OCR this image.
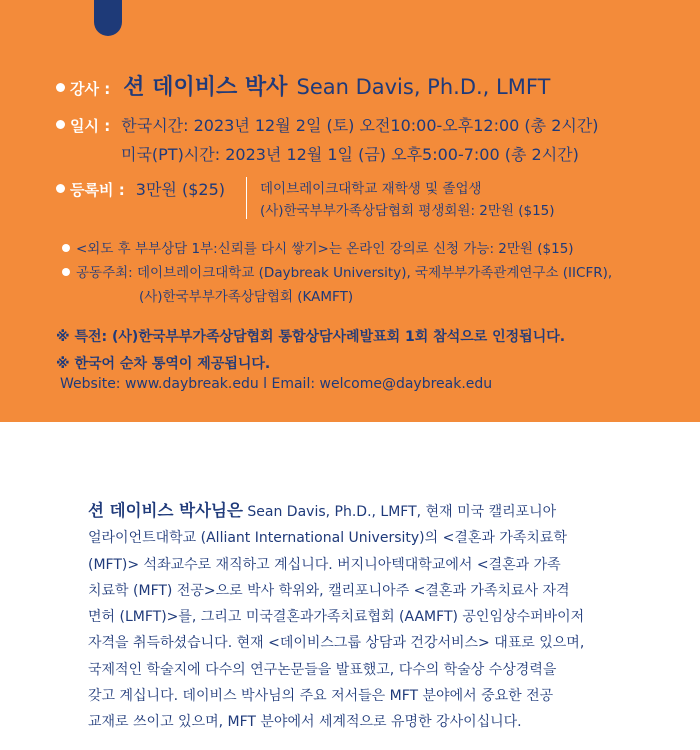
강사 : 션 데이비스 박사 Sean Davis, Ph.D., LMFT
일시 : 한국시간: 2023년 12월 2일 (토) 오전10:00-오후12:00 (총 2시간)
미국(PT)시간: 2023년 12월 1일 (금) 오후5:00-7:00 (총 2시간)
등록비 : 3만원 ($25)	데이브레이크대학교 재학생 및 졸업생
(사)한국부부가족상담협회 평생회원: 2만원 ($15)
<외도 후 부부상담 1부:신뢰를 다시 쌓기>는 온라인 강의로 신청 가능: 2만원 ($15)
공동주최: 데이브레이크대학교 (Daybreak University), 국제부부가족관계연구소 (IICFR),
(사)한국부부가족상담협회 (KAMFT)
※ 특전: (사)한국부부가족상담협회 통합상담사례발표회 1회 참석으로 인정됩니다.
※ 한국어 순차 통역이 제공됩니다.
Website: www.daybreak.edu l Email: welcome@daybreak.edu
션 데이비스 박사님은 Sean Davis, Ph.D., LMFT, 현재 미국 캘리포니아
얼라이언트대학교 (Alliant International University)의 <결혼과 가족치료학
(MFT)> 석좌교수로 재직하고 계십니다. 버지니아텍대학교에서 <결혼과 가족
치료학 (MFT) 전공>으로 박사 학위와, 캘리포니아주 <결혼과 가족치료사 자격
면허 (LMFT)>를, 그리고 미국결혼과가족치료협회 (AAMFT) 공인임상수퍼바이저
자격을 취득하셨습니다. 현재 <데이비스그룹 상담과 건강서비스> 대표로 있으며,
국제적인 학술지에 다수의 연구논문들을 발표했고, 다수의 학술상 수상경력을
갖고 계십니다. 데이비스 박사님의 주요 저서들은 MFT 분야에서 중요한 전공
교재로 쓰이고 있으며, MFT 분야에서 세계적으로 유명한 강사이십니다.
